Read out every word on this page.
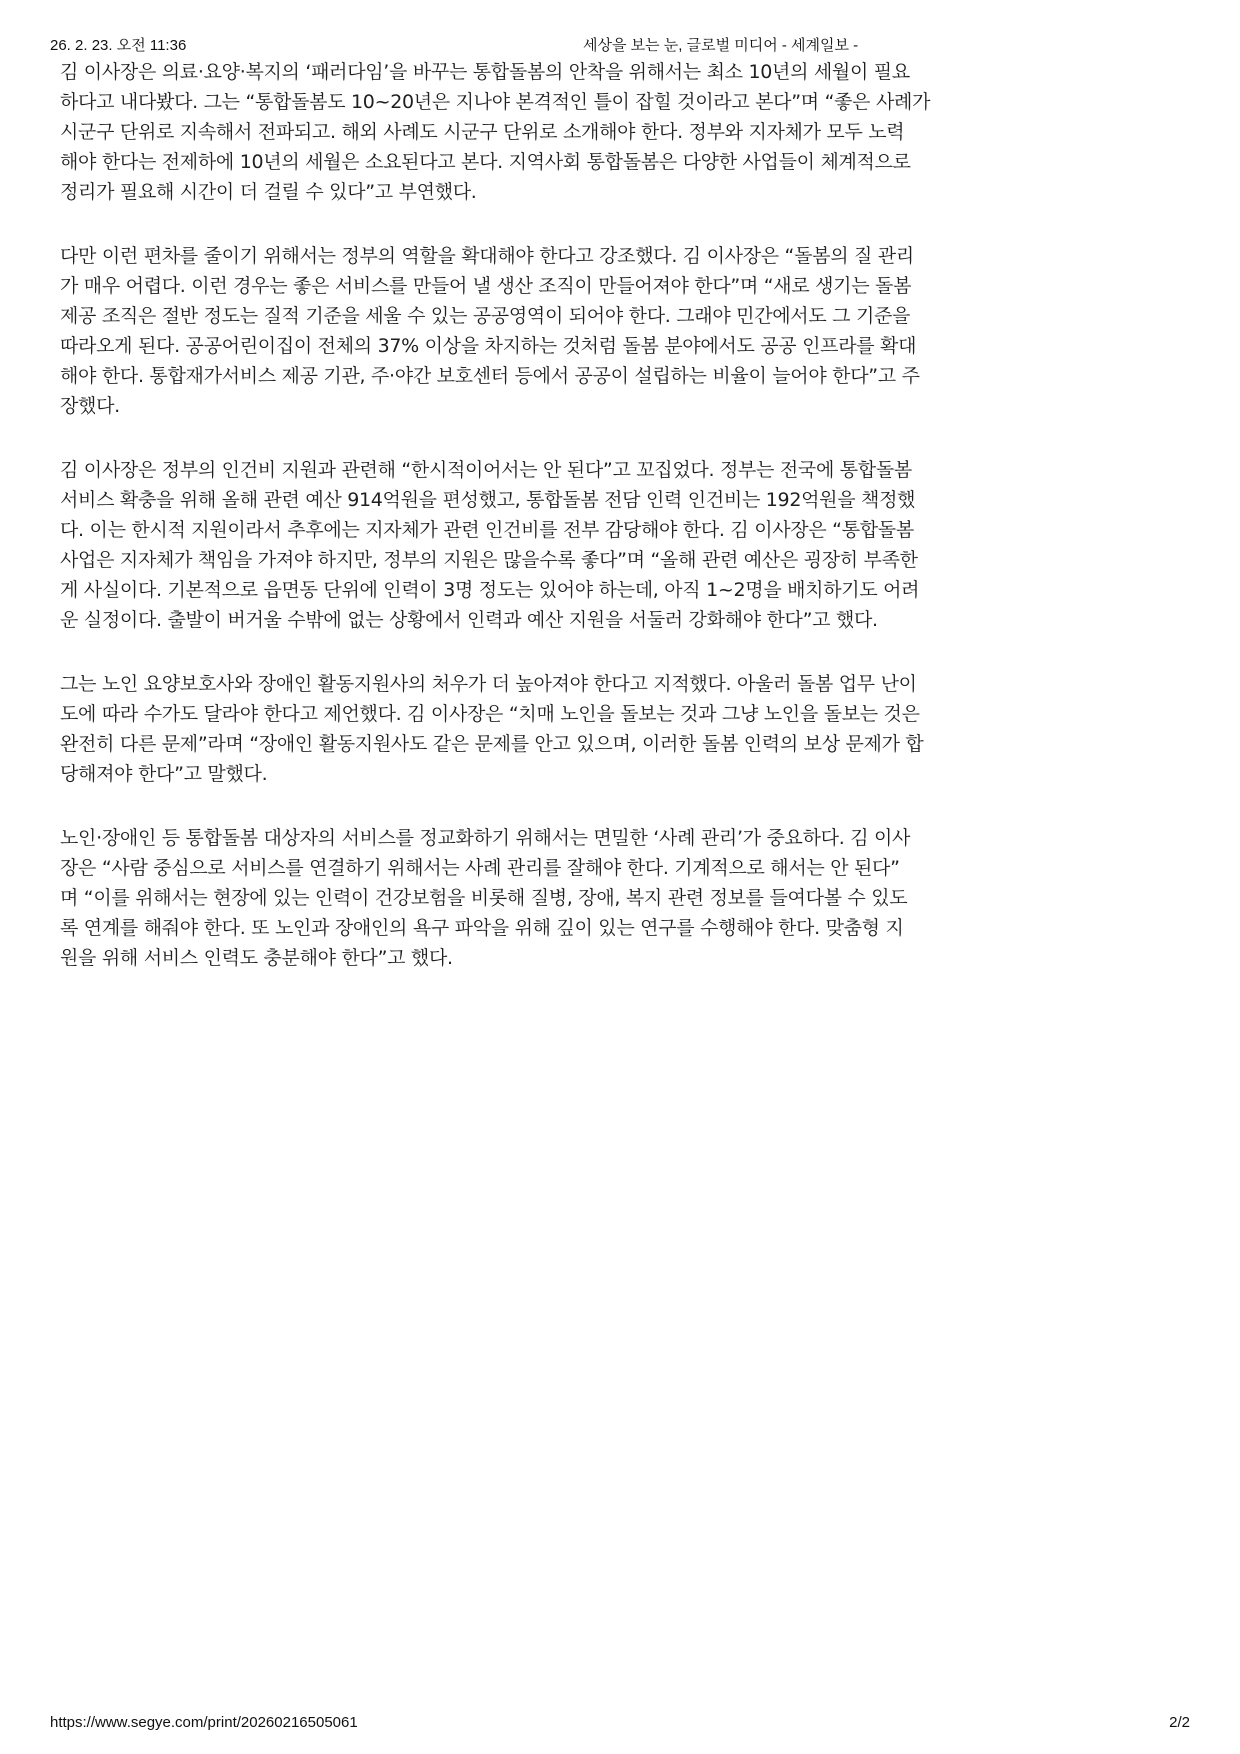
26. 2. 23. 오전 11:36	세상을 보는 눈, 글로벌 미디어 - 세계일보 -
김 이사장은 의료·요양·복지의 ‘패러다임’을 바꾸는 통합돌봄의 안착을 위해서는 최소 10년의 세월이 필요
하다고 내다봤다. 그는 “통합돌봄도 10~20년은 지나야 본격적인 틀이 잡힐 것이라고 본다”며 “좋은 사례가
시군구 단위로 지속해서 전파되고. 해외 사례도 시군구 단위로 소개해야 한다. 정부와 지자체가 모두 노력
해야 한다는 전제하에 10년의 세월은 소요된다고 본다. 지역사회 통합돌봄은 다양한 사업들이 체계적으로
정리가 필요해 시간이 더 걸릴 수 있다”고 부연했다.
다만 이런 편차를 줄이기 위해서는 정부의 역할을 확대해야 한다고 강조했다. 김 이사장은 “돌봄의 질 관리
가 매우 어렵다. 이런 경우는 좋은 서비스를 만들어 낼 생산 조직이 만들어져야 한다”며 “새로 생기는 돌봄
제공 조직은 절반 정도는 질적 기준을 세울 수 있는 공공영역이 되어야 한다. 그래야 민간에서도 그 기준을
따라오게 된다. 공공어린이집이 전체의 37% 이상을 차지하는 것처럼 돌봄 분야에서도 공공 인프라를 확대
해야 한다. 통합재가서비스 제공 기관, 주·야간 보호센터 등에서 공공이 설립하는 비율이 늘어야 한다”고 주
장했다.
김 이사장은 정부의 인건비 지원과 관련해 “한시적이어서는 안 된다”고 꼬집었다. 정부는 전국에 통합돌봄
서비스 확충을 위해 올해 관련 예산 914억원을 편성했고, 통합돌봄 전담 인력 인건비는 192억원을 책정했
다. 이는 한시적 지원이라서 추후에는 지자체가 관련 인건비를 전부 감당해야 한다. 김 이사장은 “통합돌봄
사업은 지자체가 책임을 가져야 하지만, 정부의 지원은 많을수록 좋다”며 “올해 관련 예산은 굉장히 부족한
게 사실이다. 기본적으로 읍면동 단위에 인력이 3명 정도는 있어야 하는데, 아직 1~2명을 배치하기도 어려
운 실정이다. 출발이 버거울 수밖에 없는 상황에서 인력과 예산 지원을 서둘러 강화해야 한다”고 했다.
그는 노인 요양보호사와 장애인 활동지원사의 처우가 더 높아져야 한다고 지적했다. 아울러 돌봄 업무 난이
도에 따라 수가도 달라야 한다고 제언했다. 김 이사장은 “치매 노인을 돌보는 것과 그냥 노인을 돌보는 것은
완전히 다른 문제”라며 “장애인 활동지원사도 같은 문제를 안고 있으며, 이러한 돌봄 인력의 보상 문제가 합
당해져야 한다”고 말했다.
노인·장애인 등 통합돌봄 대상자의 서비스를 정교화하기 위해서는 면밀한 ‘사례 관리’가 중요하다. 김 이사
장은 “사람 중심으로 서비스를 연결하기 위해서는 사례 관리를 잘해야 한다. 기계적으로 해서는 안 된다”
며 “이를 위해서는 현장에 있는 인력이 건강보험을 비롯해 질병, 장애, 복지 관련 정보를 들여다볼 수 있도
록 연계를 해줘야 한다. 또 노인과 장애인의 욕구 파악을 위해 깊이 있는 연구를 수행해야 한다. 맞춤형 지
원을 위해 서비스 인력도 충분해야 한다”고 했다.
https://www.segye.com/print/20260216505061	2/2
